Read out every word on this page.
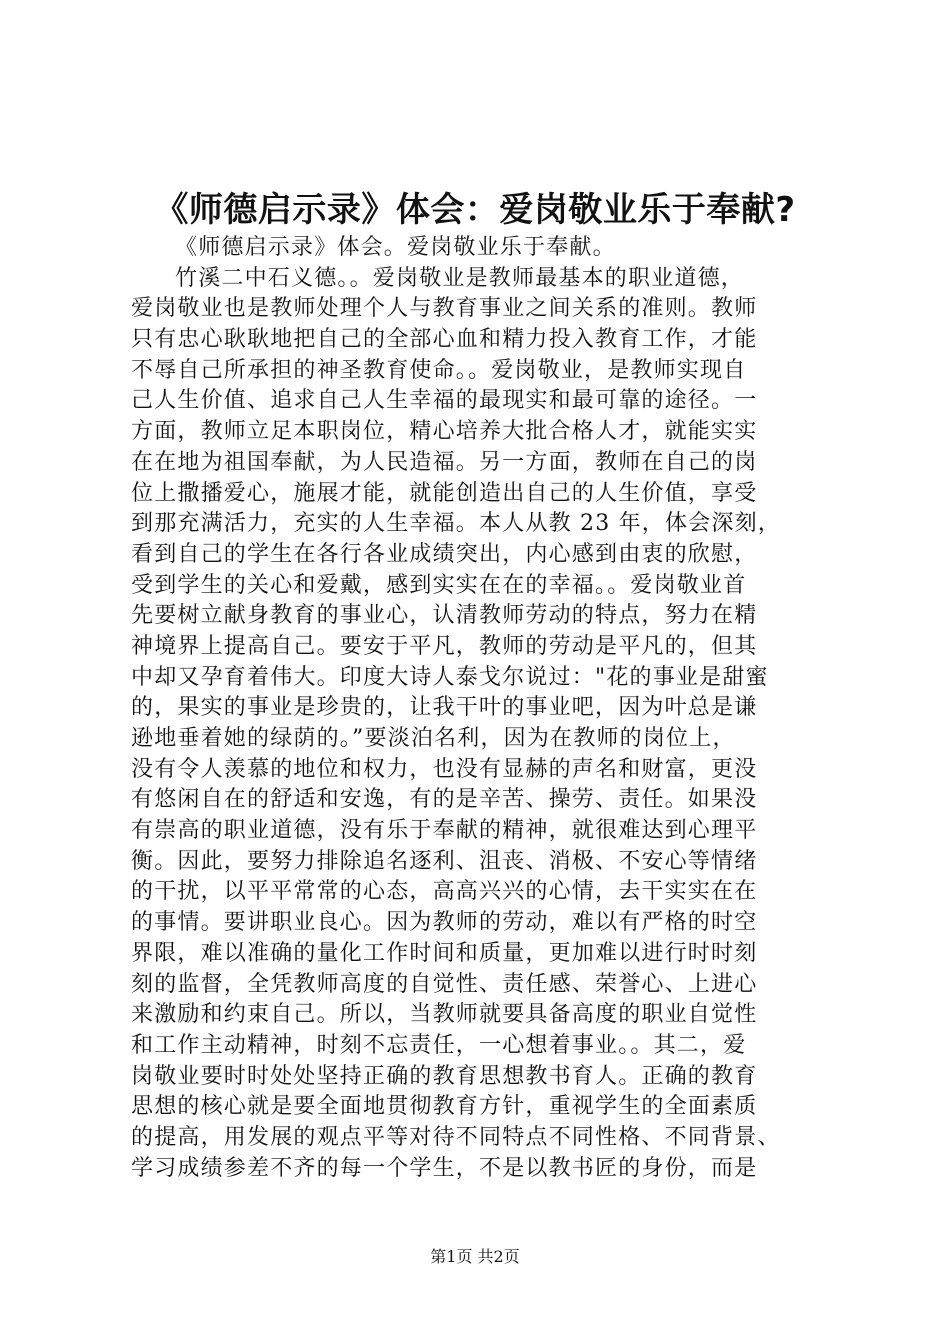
《师德启示录》体会：爱岗敬业乐于奉献?
《师德启示录》体会。爱岗敬业乐于奉献。
竹溪二中石义德。。爱岗敬业是教师最基本的职业道德，
爱岗敬业也是教师处理个人与教育事业之间关系的准则。教师
只有忠心耿耿地把自己的全部心血和精力投入教育工作，才能
不辱自己所承担的神圣教育使命。。爱岗敬业，是教师实现自
己人生价值、追求自己人生幸福的最现实和最可靠的途径。一
方面，教师立足本职岗位，精心培养大批合格人才，就能实实
在在地为祖国奉献，为人民造福。另一方面，教师在自己的岗
位上撒播爱心，施展才能，就能创造出自己的人生价值，享受
到那充满活力，充实的人生幸福。本人从教 23 年，体会深刻，
看到自己的学生在各行各业成绩突出，内心感到由衷的欣慰，
受到学生的关心和爱戴，感到实实在在的幸福。。爱岗敬业首
先要树立献身教育的事业心，认清教师劳动的特点，努力在精
神境界上提高自己。要安于平凡，教师的劳动是平凡的，但其
中却又孕育着伟大。印度大诗人泰戈尔说过："花的事业是甜蜜
的，果实的事业是珍贵的，让我干叶的事业吧，因为叶总是谦
逊地垂着她的绿荫的。”要淡泊名利，因为在教师的岗位上，
没有令人羡慕的地位和权力，也没有显赫的声名和财富，更没
有悠闲自在的舒适和安逸，有的是辛苦、操劳、责任。如果没
有崇高的职业道德，没有乐于奉献的精神，就很难达到心理平
衡。因此，要努力排除追名逐利、沮丧、消极、不安心等情绪
的干扰，以平平常常的心态，高高兴兴的心情，去干实实在在
的事情。要讲职业良心。因为教师的劳动，难以有严格的时空
界限，难以准确的量化工作时间和质量，更加难以进行时时刻
刻的监督，全凭教师高度的自觉性、责任感、荣誉心、上进心
来激励和约束自己。所以，当教师就要具备高度的职业自觉性
和工作主动精神，时刻不忘责任，一心想着事业。。其二，爱
岗敬业要时时处处坚持正确的教育思想教书育人。正确的教育
思想的核心就是要全面地贯彻教育方针，重视学生的全面素质
的提高，用发展的观点平等对待不同特点不同性格、不同背景、
学习成绩参差不齐的每一个学生，不是以教书匠的身份，而是
第1页 共2页
